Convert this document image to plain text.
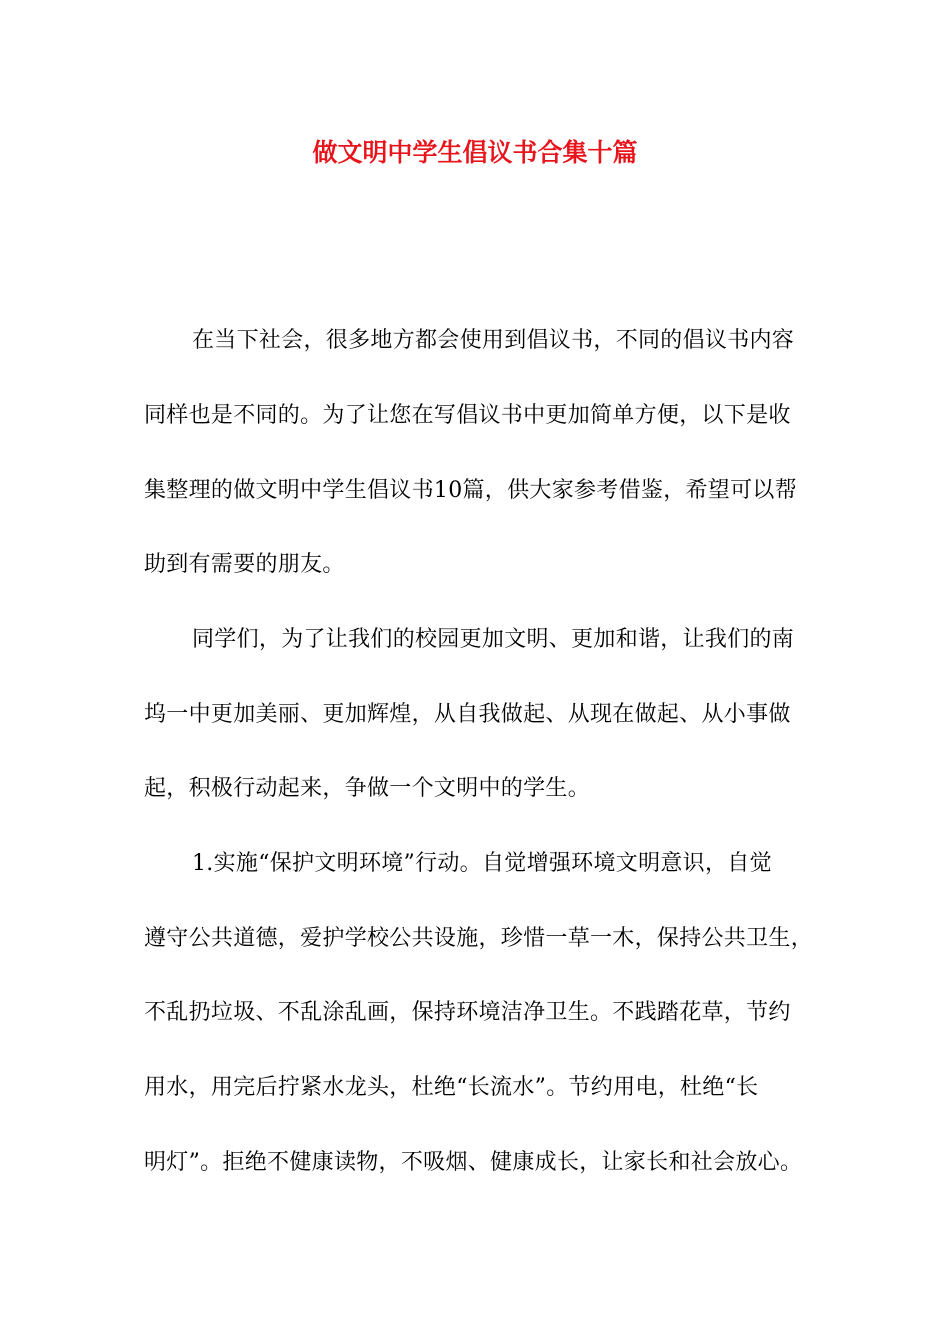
做文明中学生倡议书合集十篇
在当下社会，很多地方都会使用到倡议书，不同的倡议书内容
同样也是不同的。为了让您在写倡议书中更加简单方便，以下是收
集整理的做文明中学生倡议书10篇，供大家参考借鉴，希望可以帮
助到有需要的朋友。
同学们，为了让我们的校园更加文明、更加和谐，让我们的南
坞一中更加美丽、更加辉煌，从自我做起、从现在做起、从小事做
起，积极行动起来，争做一个文明中的学生。
1.实施“保护文明环境”行动。自觉增强环境文明意识，自觉
遵守公共道德，爱护学校公共设施，珍惜一草一木，保持公共卫生，
不乱扔垃圾、不乱涂乱画，保持环境洁净卫生。不践踏花草，节约
用水，用完后拧紧水龙头，杜绝“长流水”。节约用电，杜绝“长
明灯”。拒绝不健康读物，不吸烟、健康成长，让家长和社会放心。
